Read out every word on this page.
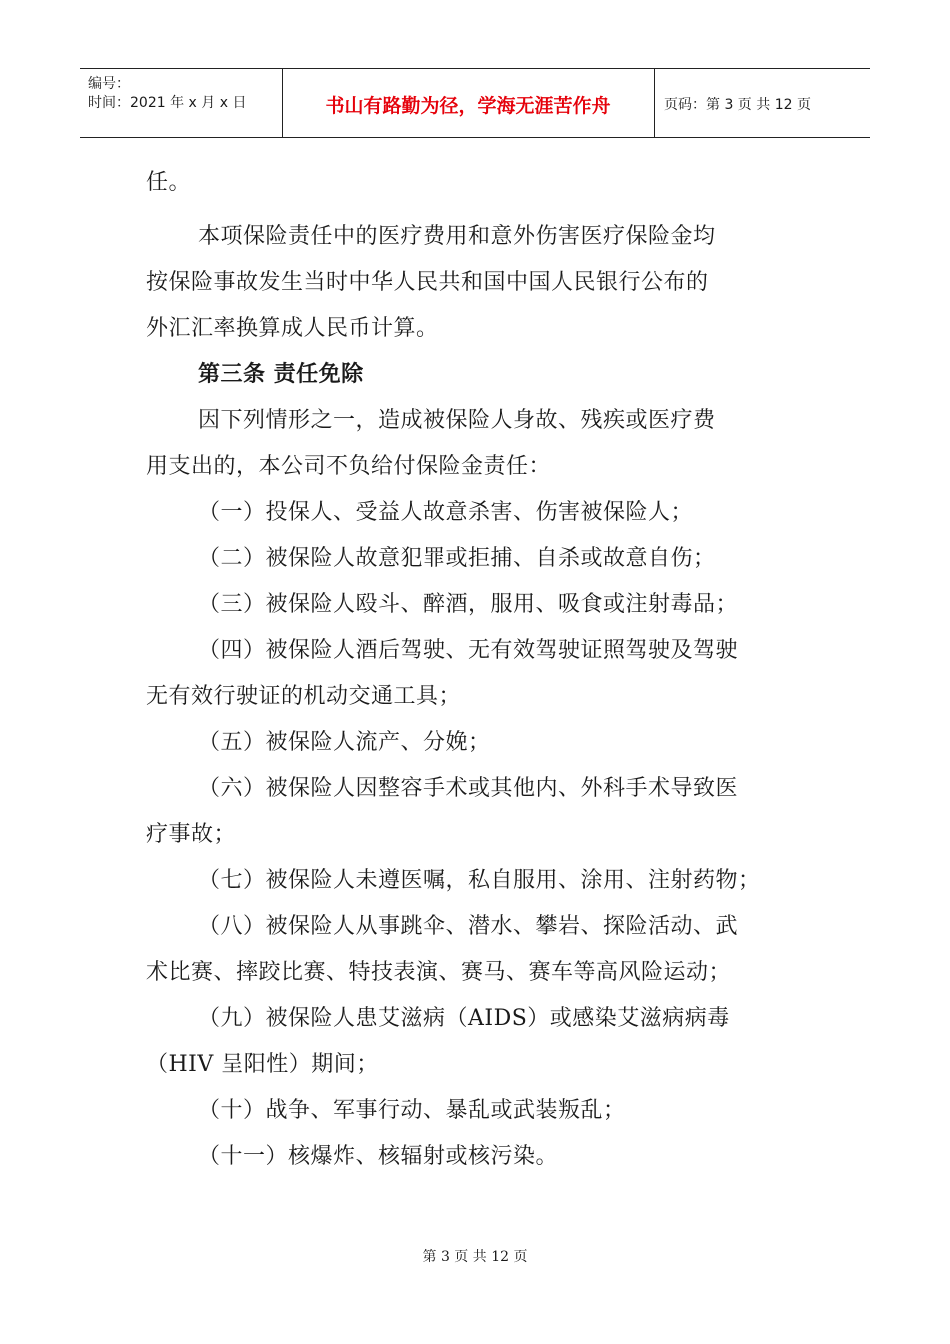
编号：
时间：2021 年 x 月 x 日	书山有路勤为径，学海无涯苦作舟	页码：第 3 页 共 12 页
任。
本项保险责任中的医疗费用和意外伤害医疗保险金均
按保险事故发生当时中华人民共和国中国人民银行公布的
外汇汇率换算成人民币计算。
第三条 责任免除
因下列情形之一，造成被保险人身故、残疾或医疗费
用支出的，本公司不负给付保险金责任：
（一）投保人、受益人故意杀害、伤害被保险人；
（二）被保险人故意犯罪或拒捕、自杀或故意自伤；
（三）被保险人殴斗、醉酒，服用、吸食或注射毒品；
（四）被保险人酒后驾驶、无有效驾驶证照驾驶及驾驶
无有效行驶证的机动交通工具；
（五）被保险人流产、分娩；
（六）被保险人因整容手术或其他内、外科手术导致医
疗事故；
（七）被保险人未遵医嘱，私自服用、涂用、注射药物；
（八）被保险人从事跳伞、潜水、攀岩、探险活动、武
术比赛、摔跤比赛、特技表演、赛马、赛车等高风险运动；
（九）被保险人患艾滋病（AIDS）或感染艾滋病病毒
（HIV 呈阳性）期间；
（十）战争、军事行动、暴乱或武装叛乱；
（十一）核爆炸、核辐射或核污染。
第 3 页 共 12 页
